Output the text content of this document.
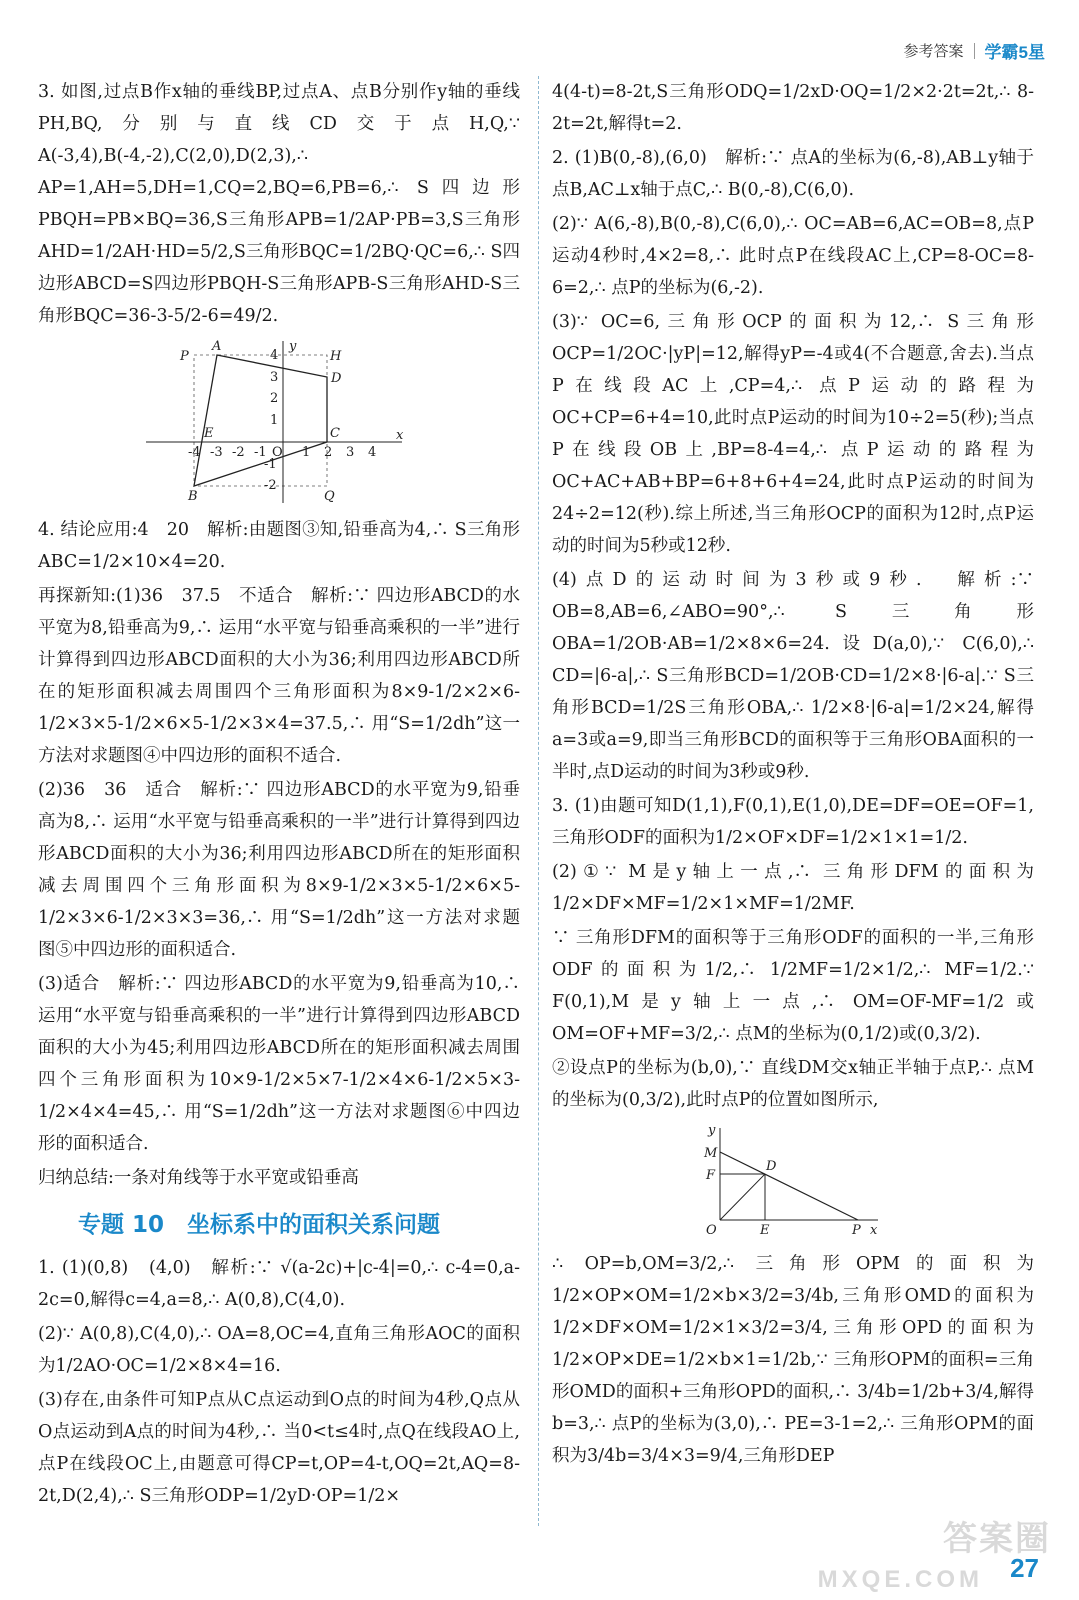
参考答案 学霸5星

3. 如图,过点B作x轴的垂线BP,过点A、点B分别作y轴的垂线PH,BQ,分别与直线CD交于点H,Q,∵ A(-3,4),B(-4,-2),C(2,0),D(2,3),∴ AP=1,AH=5,DH=1,CQ=2,BQ=6,PB=6,∴ S四边形PBQH=PB×BQ=36,S三角形APB=1/2AP·PB=3,S三角形AHD=1/2AH·HD=5/2,S三角形BQC=1/2BQ·QC=6,∴ S四边形ABCD=S四边形PBQH-S三角形APB-S三角形AHD-S三角形BQC=36-3-5/2-6=49/2.

x
y
P
A
H
D
E	C
B	Q
-4 -3 -2 -1 O 1 2 3 4
4
3
2
1
-1
-2

4. 结论应用:4　20　解析:由题图③知,铅垂高为4,∴ S三角形ABC=1/2×10×4=20.

再探新知:(1)36　37.5　不适合　解析:∵ 四边形ABCD的水平宽为8,铅垂高为9,∴ 运用“水平宽与铅垂高乘积的一半”进行计算得到四边形ABCD面积的大小为36;利用四边形ABCD所在的矩形面积减去周围四个三角形面积为8×9-1/2×2×6-1/2×3×5-1/2×6×5-1/2×3×4=37.5,∴ 用“S=1/2dh”这一方法对求题图④中四边形的面积不适合.

(2)36　36　适合　解析:∵ 四边形ABCD的水平宽为9,铅垂高为8,∴ 运用“水平宽与铅垂高乘积的一半”进行计算得到四边形ABCD面积的大小为36;利用四边形ABCD所在的矩形面积减去周围四个三角形面积为8×9-1/2×3×5-1/2×6×5-1/2×3×6-1/2×3×3=36,∴ 用“S=1/2dh”这一方法对求题图⑤中四边形的面积适合.

(3)适合　解析:∵ 四边形ABCD的水平宽为9,铅垂高为10,∴ 运用“水平宽与铅垂高乘积的一半”进行计算得到四边形ABCD面积的大小为45;利用四边形ABCD所在的矩形面积减去周围四个三角形面积为10×9-1/2×5×7-1/2×4×6-1/2×5×3-1/2×4×4=45,∴ 用“S=1/2dh”这一方法对求题图⑥中四边形的面积适合.

归纳总结:一条对角线等于水平宽或铅垂高

专题 10　坐标系中的面积关系问题

1. (1)(0,8)　(4,0)　解析:∵ √(a-2c)+|c-4|=0,∴ c-4=0,a-2c=0,解得c=4,a=8,∴ A(0,8),C(4,0).

(2)∵ A(0,8),C(4,0),∴ OA=8,OC=4,直角三角形AOC的面积为1/2AO·OC=1/2×8×4=16.

(3)存在,由条件可知P点从C点运动到O点的时间为4秒,Q点从O点运动到A点的时间为4秒,∴ 当0<t≤4时,点Q在线段AO上,点P在线段OC上,由题意可得CP=t,OP=4-t,OQ=2t,AQ=8-2t,D(2,4),∴ S三角形ODP=1/2yD·OP=1/2×

4(4-t)=8-2t,S三角形ODQ=1/2xD·OQ=1/2×2·2t=2t,∴ 8-2t=2t,解得t=2.

2. (1)B(0,-8),(6,0)　解析:∵ 点A的坐标为(6,-8),AB⊥y轴于点B,AC⊥x轴于点C,∴ B(0,-8),C(6,0).

(2)∵ A(6,-8),B(0,-8),C(6,0),∴ OC=AB=6,AC=OB=8,点P运动4秒时,4×2=8,∴ 此时点P在线段AC上,CP=8-OC=8-6=2,∴ 点P的坐标为(6,-2).

(3)∵ OC=6,三角形OCP的面积为12,∴ S三角形OCP=1/2OC·|yP|=12,解得yP=-4或4(不合题意,舍去).当点P在线段AC上,CP=4,∴ 点P运动的路程为OC+CP=6+4=10,此时点P运动的时间为10÷2=5(秒);当点P在线段OB上,BP=8-4=4,∴ 点P运动的路程为OC+AC+AB+BP=6+8+6+4=24,此时点P运动的时间为24÷2=12(秒).综上所述,当三角形OCP的面积为12时,点P运动的时间为5秒或12秒.

(4)点D的运动时间为3秒或9秒.　解析:∵ OB=8,AB=6,∠ABO=90°,∴ S三角形OBA=1/2OB·AB=1/2×8×6=24.设D(a,0),∵ C(6,0),∴ CD=|6-a|,∴ S三角形BCD=1/2OB·CD=1/2×8·|6-a|.∵ S三角形BCD=1/2S三角形OBA,∴ 1/2×8·|6-a|=1/2×24,解得a=3或a=9,即当三角形BCD的面积等于三角形OBA面积的一半时,点D运动的时间为3秒或9秒.

3. (1)由题可知D(1,1),F(0,1),E(1,0),DE=DF=OE=OF=1,三角形ODF的面积为1/2×OF×DF=1/2×1×1=1/2.

(2)①∵ M是y轴上一点,∴ 三角形DFM的面积为1/2×DF×MF=1/2×1×MF=1/2MF.

∵ 三角形DFM的面积等于三角形ODF的面积的一半,三角形ODF的面积为1/2,∴ 1/2MF=1/2×1/2,∴ MF=1/2.∵ F(0,1),M是y轴上一点,∴ OM=OF-MF=1/2或OM=OF+MF=3/2,∴ 点M的坐标为(0,1/2)或(0,3/2).

②设点P的坐标为(b,0),∵ 直线DM交x轴正半轴于点P,∴ 点M的坐标为(0,3/2),此时点P的位置如图所示,

y
x
M
F
D
O	E	P

∴ OP=b,OM=3/2,∴ 三角形OPM的面积为1/2×OP×OM=1/2×b×3/2=3/4b,三角形OMD的面积为1/2×DF×OM=1/2×1×3/2=3/4,三角形OPD的面积为1/2×OP×DE=1/2×b×1=1/2b,∵ 三角形OPM的面积=三角形OMD的面积+三角形OPD的面积,∴ 3/4b=1/2b+3/4,解得b=3,∴ 点P的坐标为(3,0),∴ PE=3-1=2,∴ 三角形OPM的面积为3/4b=3/4×3=9/4,三角形DEP

答案圈
MXQE.COM 27
